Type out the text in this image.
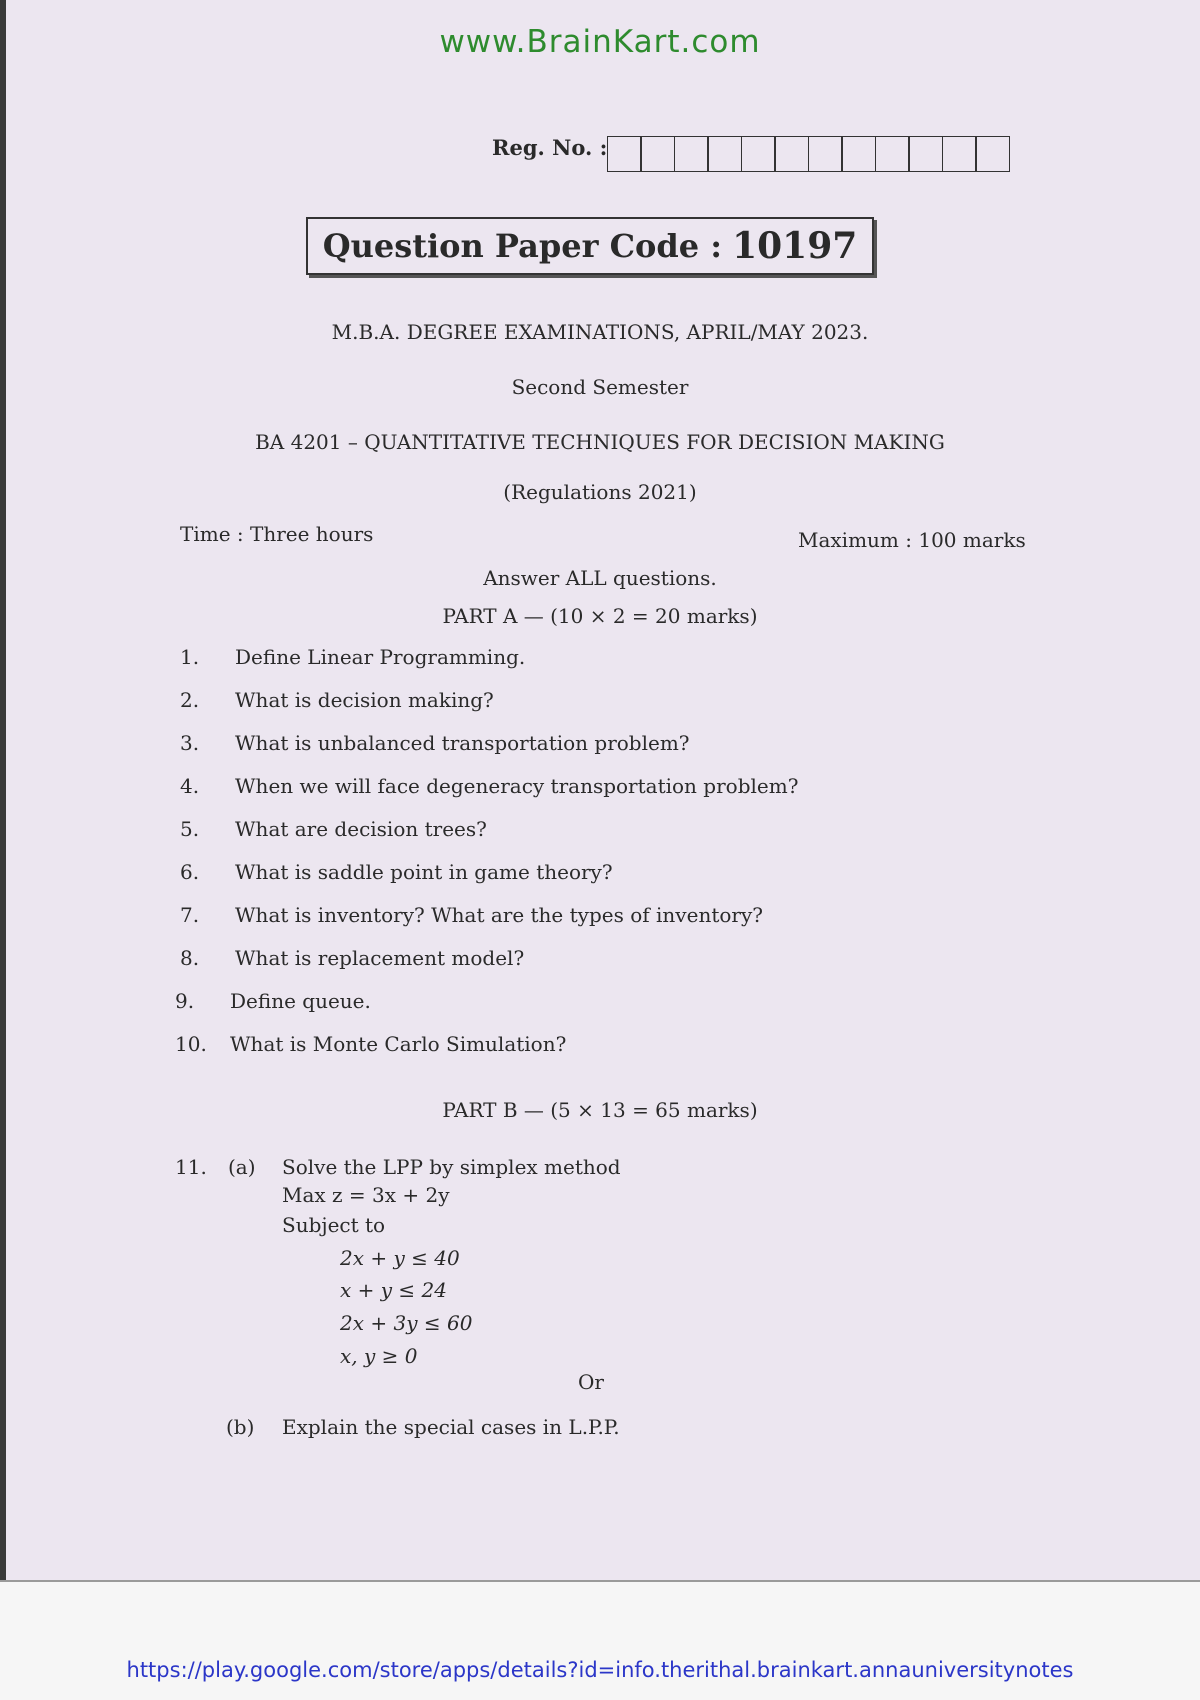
www.BrainKart.com
Reg. No. :
Question Paper Code : 10197
M.B.A. DEGREE EXAMINATIONS, APRIL/MAY 2023.
Second Semester
BA 4201 – QUANTITATIVE TECHNIQUES FOR DECISION MAKING
(Regulations 2021)
Time : Three hours	Maximum : 100 marks
Answer ALL questions.
PART A — (10 × 2 = 20 marks)
1.	Define Linear Programming.
2.	What is decision making?
3.	What is unbalanced transportation problem?
4.	When we will face degeneracy transportation problem?
5.	What are decision trees?
6.	What is saddle point in game theory?
7.	What is inventory? What are the types of inventory?
8.	What is replacement model?
9.	Define queue.
10.	What is Monte Carlo Simulation?
PART B — (5 × 13 = 65 marks)
11. (a) Solve the LPP by simplex method
Max z = 3x + 2y
Subject to
2x + y ≤ 40
x + y ≤ 24
2x + 3y ≤ 60
x, y ≥ 0
Or
(b) Explain the special cases in L.P.P.
https://play.google.com/store/apps/details?id=info.therithal.brainkart.annauniversitynotes
